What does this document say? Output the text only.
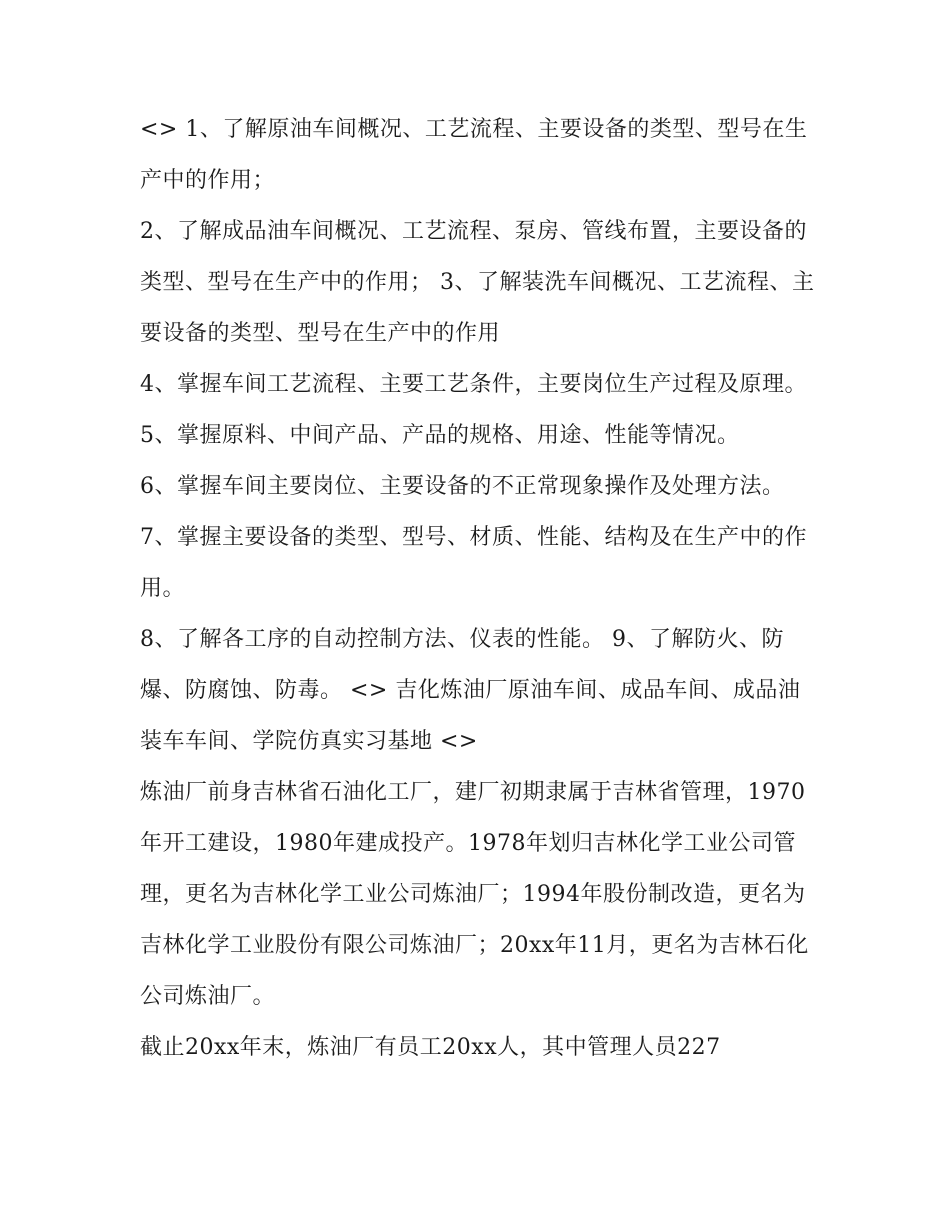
<> 1、了解原油车间概况、工艺流程、主要设备的类型、型号在生产中的作用；

2、了解成品油车间概况、工艺流程、泵房、管线布置，主要设备的类型、型号在生产中的作用； 3、了解装洗车间概况、工艺流程、主要设备的类型、型号在生产中的作用

4、掌握车间工艺流程、主要工艺条件，主要岗位生产过程及原理。 5、掌握原料、中间产品、产品的规格、用途、性能等情况。

6、掌握车间主要岗位、主要设备的不正常现象操作及处理方法。 7、掌握主要设备的类型、型号、材质、性能、结构及在生产中的作用。

8、了解各工序的自动控制方法、仪表的性能。 9、了解防火、防爆、防腐蚀、防毒。 <> 吉化炼油厂原油车间、成品车间、成品油装车车间、学院仿真实习基地 <>

炼油厂前身吉林省石油化工厂，建厂初期隶属于吉林省管理，1970年开工建设，1980年建成投产。1978年划归吉林化学工业公司管理，更名为吉林化学工业公司炼油厂；1994年股份制改造，更名为吉林化学工业股份有限公司炼油厂；20xx年11月，更名为吉林石化公司炼油厂。

截止20xx年末，炼油厂有员工20xx人，其中管理人员227
